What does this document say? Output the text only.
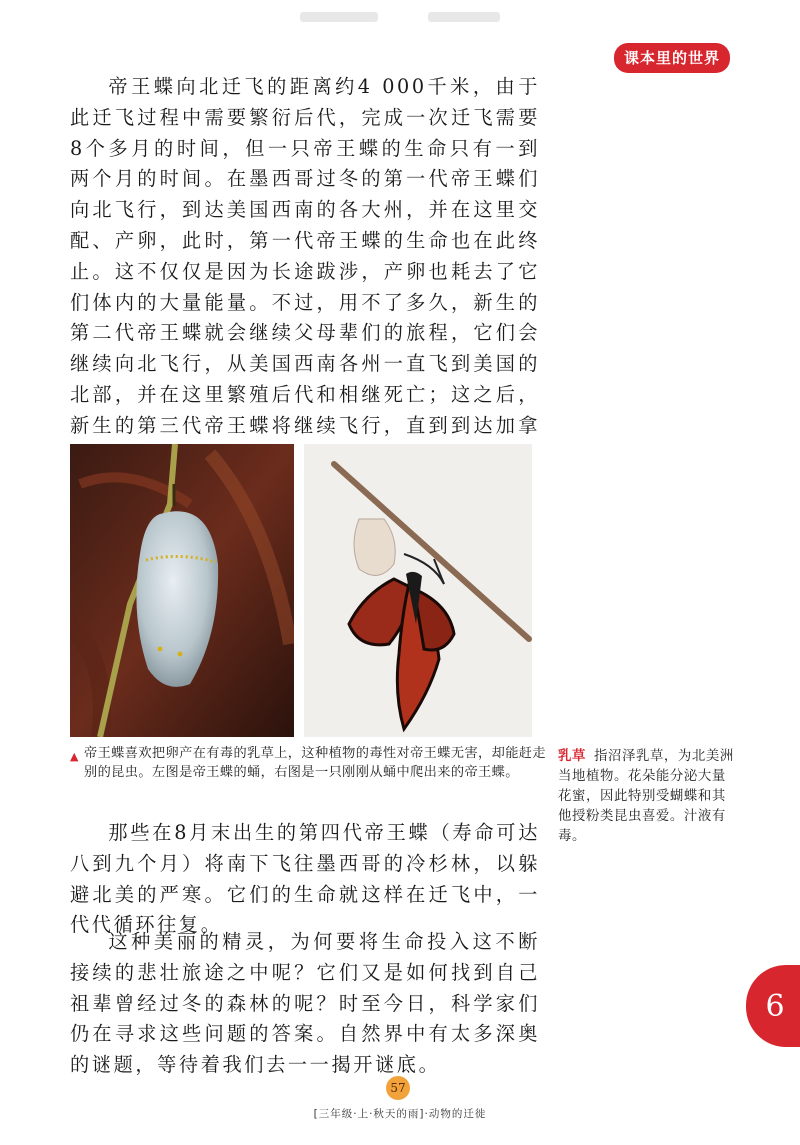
课本里的世界

帝王蝶向北迁飞的距离约4 000千米，由于此迁飞过程中需要繁衍后代，完成一次迁飞需要8个多月的时间，但一只帝王蝶的生命只有一到两个月的时间。在墨西哥过冬的第一代帝王蝶们向北飞行，到达美国西南的各大州，并在这里交配、产卵，此时，第一代帝王蝶的生命也在此终止。这不仅仅是因为长途跋涉，产卵也耗去了它们体内的大量能量。不过，用不了多久，新生的第二代帝王蝶就会继续父母辈们的旅程，它们会继续向北飞行，从美国西南各州一直飞到美国的北部，并在这里繁殖后代和相继死亡；这之后，新生的第三代帝王蝶将继续飞行，直到到达加拿

▲ 帝王蝶喜欢把卵产在有毒的乳草上，这种植物的毒性对帝王蝶无害，却能赶走别的昆虫。左图是帝王蝶的蛹，右图是一只刚刚从蛹中爬出来的帝王蝶。
乳草 指沼泽乳草，为北美洲当地植物。花朵能分泌大量花蜜，因此特别受蝴蝶和其他授粉类昆虫喜爱。汁液有毒。

那些在8月末出生的第四代帝王蝶（寿命可达八到九个月）将南下飞往墨西哥的冷杉林，以躲避北美的严寒。它们的生命就这样在迁飞中，一代代循环往复。

这种美丽的精灵，为何要将生命投入这不断接续的悲壮旅途之中呢？它们又是如何找到自己祖辈曾经过冬的森林的呢？时至今日，科学家们仍在寻求这些问题的答案。自然界中有太多深奥的谜题，等待着我们去一一揭开谜底。

6
57
[三年级·上·秋天的雨]·动物的迁徙
